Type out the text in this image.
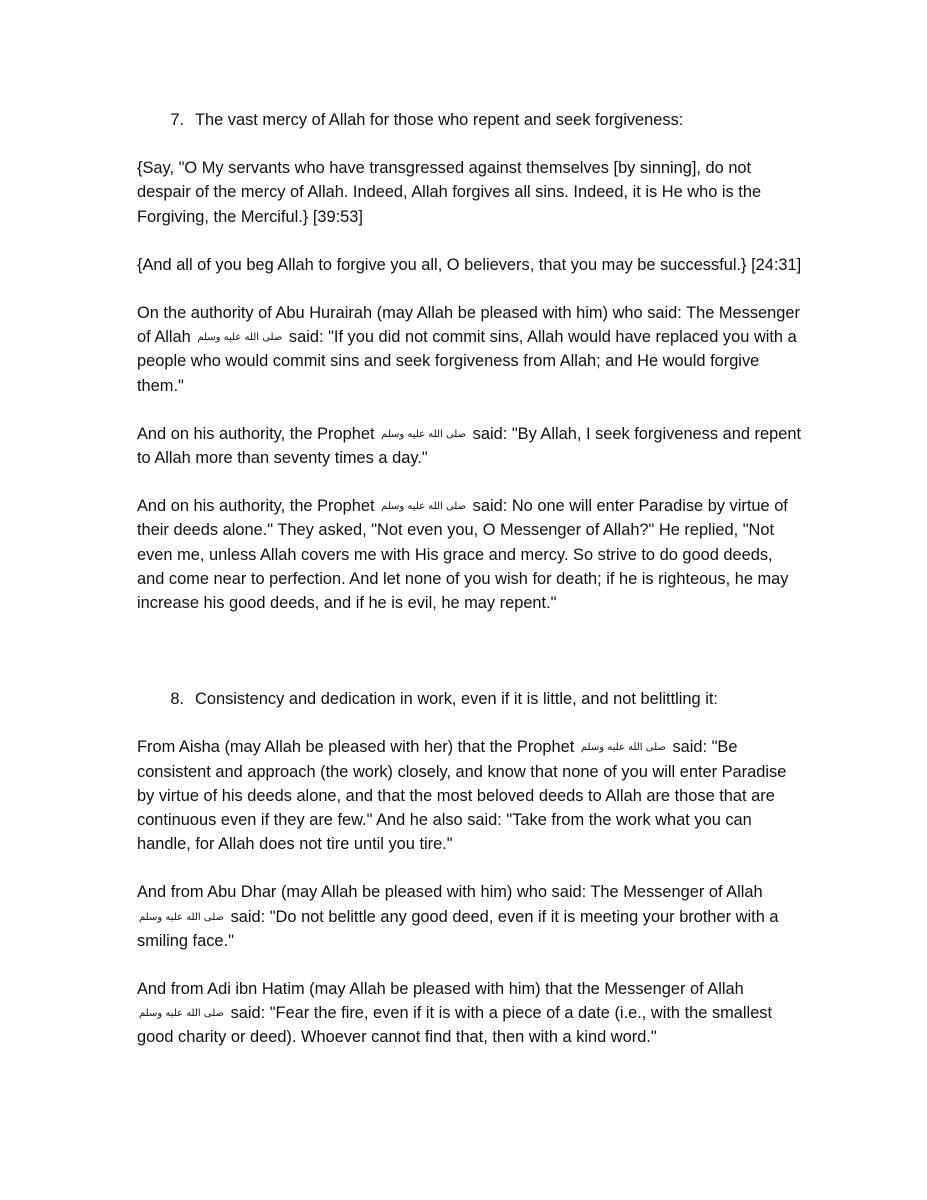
7. The vast mercy of Allah for those who repent and seek forgiveness:

{Say, "O My servants who have transgressed against themselves [by sinning], do not despair of the mercy of Allah. Indeed, Allah forgives all sins. Indeed, it is He who is the Forgiving, the Merciful.} [39:53]

{And all of you beg Allah to forgive you all, O believers, that you may be successful.} [24:31]

On the authority of Abu Hurairah (may Allah be pleased with him) who said: The Messenger of Allah صلى الله عليه وسلم said: "If you did not commit sins, Allah would have replaced you with a people who would commit sins and seek forgiveness from Allah; and He would forgive them."

And on his authority, the Prophet صلى الله عليه وسلم said: "By Allah, I seek forgiveness and repent to Allah more than seventy times a day."

And on his authority, the Prophet صلى الله عليه وسلم said: No one will enter Paradise by virtue of their deeds alone." They asked, "Not even you, O Messenger of Allah?" He replied, "Not even me, unless Allah covers me with His grace and mercy. So strive to do good deeds, and come near to perfection. And let none of you wish for death; if he is righteous, he may increase his good deeds, and if he is evil, he may repent."

8. Consistency and dedication in work, even if it is little, and not belittling it:

From Aisha (may Allah be pleased with her) that the Prophet صلى الله عليه وسلم said: "Be consistent and approach (the work) closely, and know that none of you will enter Paradise by virtue of his deeds alone, and that the most beloved deeds to Allah are those that are continuous even if they are few." And he also said: "Take from the work what you can handle, for Allah does not tire until you tire."

And from Abu Dhar (may Allah be pleased with him) who said: The Messenger of Allah صلى الله عليه وسلم said: "Do not belittle any good deed, even if it is meeting your brother with a smiling face."

And from Adi ibn Hatim (may Allah be pleased with him) that the Messenger of Allah صلى الله عليه وسلم said: "Fear the fire, even if it is with a piece of a date (i.e., with the smallest good charity or deed). Whoever cannot find that, then with a kind word."
